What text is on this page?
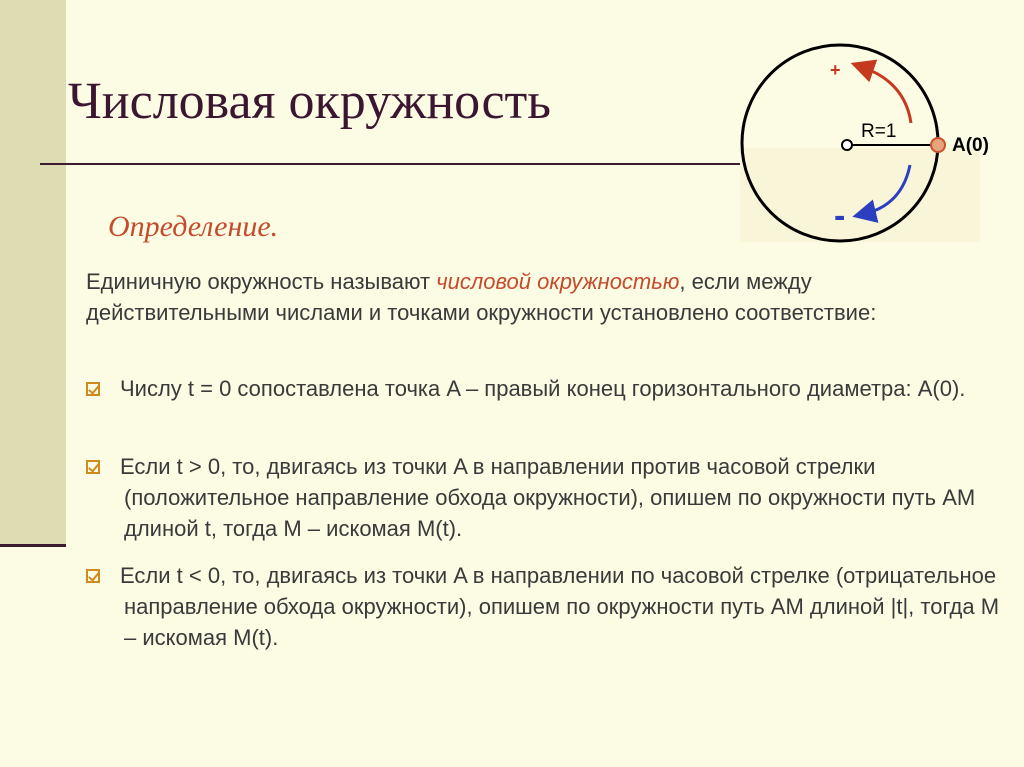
Числовая окружность
+
-
R=1
A(0)
Определение.

Единичную окружность называют числовой окружностью, если между действительными числами и точками окружности установлено соответствие:

Числу t = 0 сопоставлена точка A – правый конец горизонтального диаметра: A(0).

Если t > 0, то, двигаясь из точки A в направлении против часовой стрелки (положительное направление обхода окружности), опишем по окружности путь AM длиной t, тогда M – искомая M(t).

Если t < 0, то, двигаясь из точки A в направлении по часовой стрелке (отрицательное направление обхода окружности), опишем по окружности путь AM длиной |t|, тогда M – искомая M(t).
